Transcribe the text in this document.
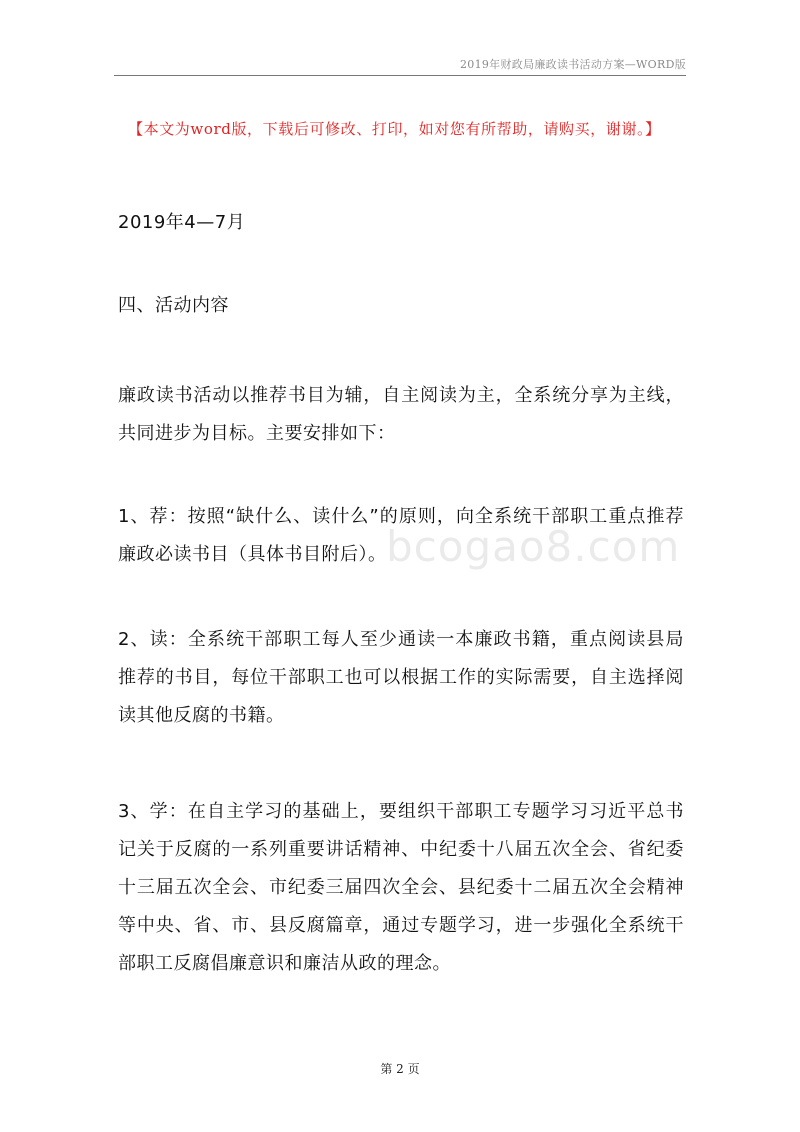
2019年财政局廉政读书活动方案—WORD版
【本文为word版，下载后可修改、打印，如对您有所帮助，请购买，谢谢。】
2019年4—7月
四、活动内容
廉政读书活动以推荐书目为辅，自主阅读为主，全系统分享为主线，共同进步为目标。主要安排如下：
1、荐：按照“缺什么、读什么”的原则，向全系统干部职工重点推荐廉政必读书目（具体书目附后）。
2、读：全系统干部职工每人至少通读一本廉政书籍，重点阅读县局推荐的书目，每位干部职工也可以根据工作的实际需要，自主选择阅读其他反腐的书籍。
3、学：在自主学习的基础上，要组织干部职工专题学习习近平总书记关于反腐的一系列重要讲话精神、中纪委十八届五次全会、省纪委十三届五次全会、市纪委三届四次全会、县纪委十二届五次全会精神等中央、省、市、县反腐篇章，通过专题学习，进一步强化全系统干部职工反腐倡廉意识和廉洁从政的理念。
bcogao8.com
第 2 页
